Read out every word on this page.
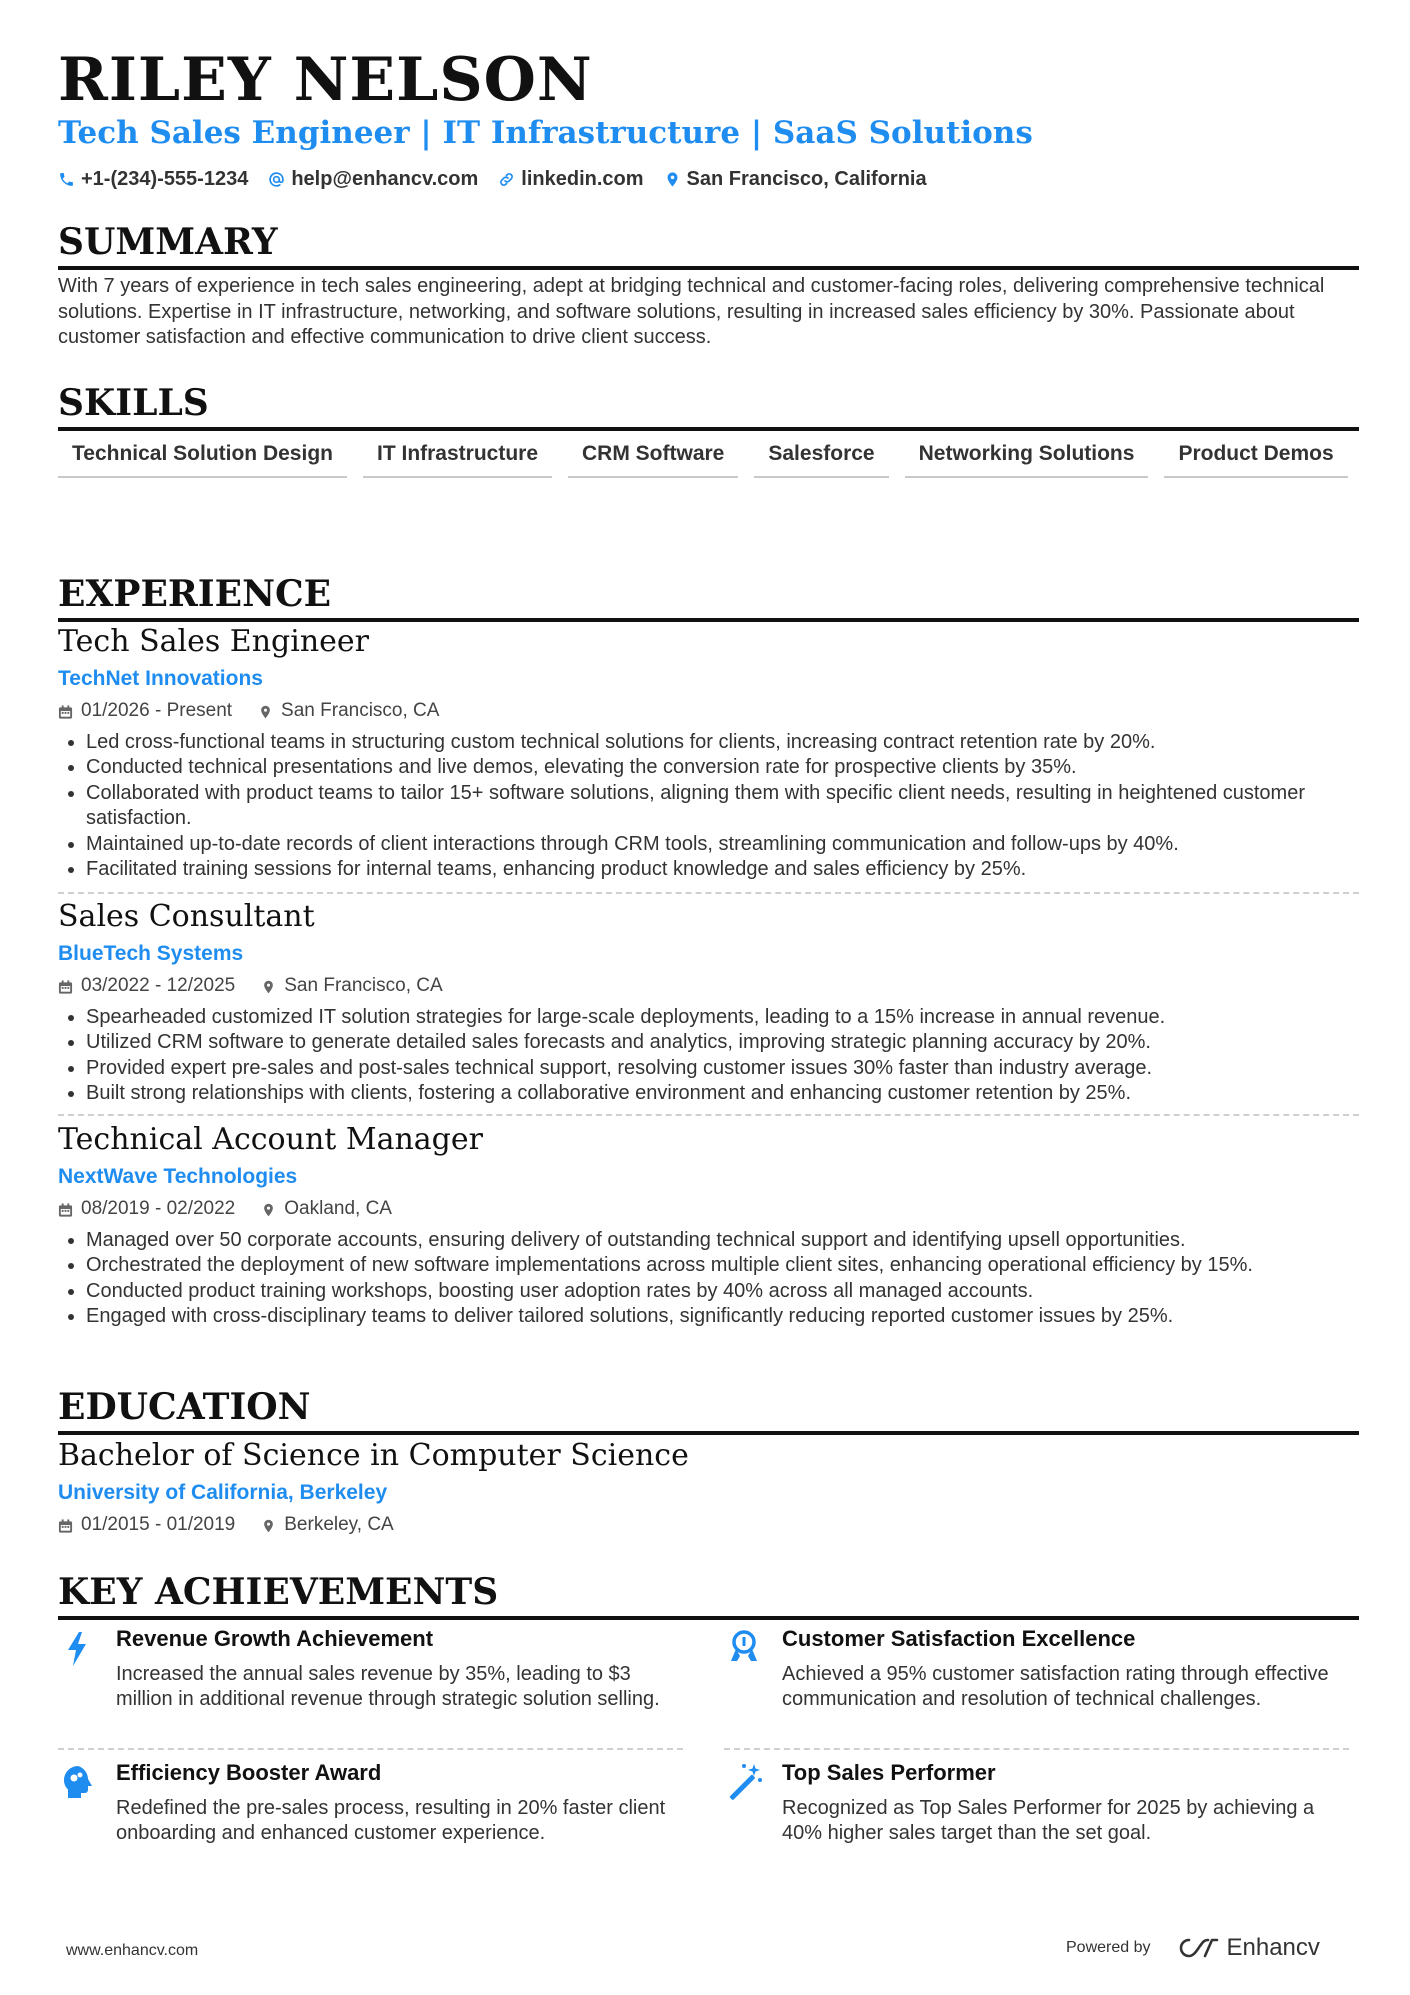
RILEY NELSON
Tech Sales Engineer | IT Infrastructure | SaaS Solutions
+1-(234)-555-1234 help@enhancv.com linkedin.com San Francisco, California
SUMMARY
With 7 years of experience in tech sales engineering, adept at bridging technical and customer-facing roles, delivering comprehensive technical solutions. Expertise in IT infrastructure, networking, and software solutions, resulting in increased sales efficiency by 30%. Passionate about customer satisfaction and effective communication to drive client success.
SKILLS
Technical Solution Design	IT Infrastructure	CRM Software	Salesforce	Networking Solutions	Product Demos
EXPERIENCE
Tech Sales Engineer
TechNet Innovations
01/2026 - Present	San Francisco, CA
• Led cross-functional teams in structuring custom technical solutions for clients, increasing contract retention rate by 20%.
• Conducted technical presentations and live demos, elevating the conversion rate for prospective clients by 35%.
• Collaborated with product teams to tailor 15+ software solutions, aligning them with specific client needs, resulting in heightened customer satisfaction.
• Maintained up-to-date records of client interactions through CRM tools, streamlining communication and follow-ups by 40%.
• Facilitated training sessions for internal teams, enhancing product knowledge and sales efficiency by 25%.
Sales Consultant
BlueTech Systems
03/2022 - 12/2025	San Francisco, CA
• Spearheaded customized IT solution strategies for large-scale deployments, leading to a 15% increase in annual revenue.
• Utilized CRM software to generate detailed sales forecasts and analytics, improving strategic planning accuracy by 20%.
• Provided expert pre-sales and post-sales technical support, resolving customer issues 30% faster than industry average.
• Built strong relationships with clients, fostering a collaborative environment and enhancing customer retention by 25%.
Technical Account Manager
NextWave Technologies
08/2019 - 02/2022	Oakland, CA
• Managed over 50 corporate accounts, ensuring delivery of outstanding technical support and identifying upsell opportunities.
• Orchestrated the deployment of new software implementations across multiple client sites, enhancing operational efficiency by 15%.
• Conducted product training workshops, boosting user adoption rates by 40% across all managed accounts.
• Engaged with cross-disciplinary teams to deliver tailored solutions, significantly reducing reported customer issues by 25%.
EDUCATION
Bachelor of Science in Computer Science
University of California, Berkeley
01/2015 - 01/2019	Berkeley, CA
KEY ACHIEVEMENTS
Revenue Growth Achievement
Increased the annual sales revenue by 35%, leading to $3 million in additional revenue through strategic solution selling.
Customer Satisfaction Excellence
Achieved a 95% customer satisfaction rating through effective communication and resolution of technical challenges.
Efficiency Booster Award
Redefined the pre-sales process, resulting in 20% faster client onboarding and enhanced customer experience.
Top Sales Performer
Recognized as Top Sales Performer for 2025 by achieving a 40% higher sales target than the set goal.
www.enhancv.com	Powered by	Enhancv
